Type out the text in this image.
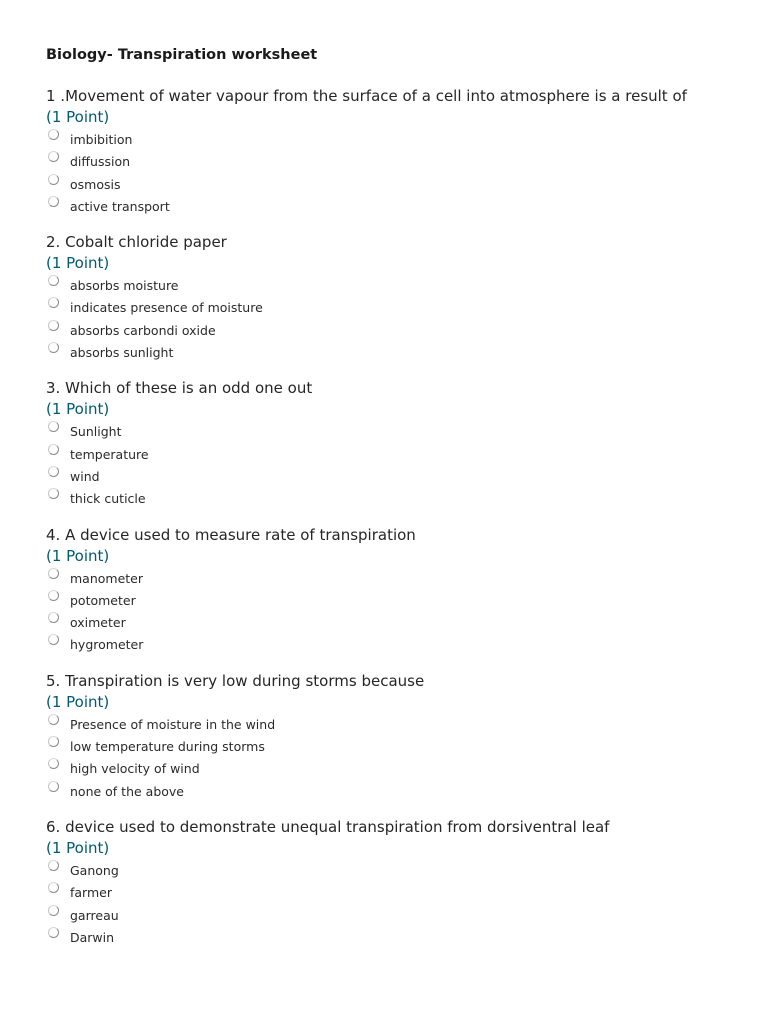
Biology- Transpiration worksheet
1 .Movement of water vapour from the surface of a cell into atmosphere is a result of
(1 Point)
imbibition
diffussion
osmosis
active transport
2. Cobalt chloride paper
(1 Point)
absorbs moisture
indicates presence of moisture
absorbs carbondi oxide
absorbs sunlight
3. Which of these is an odd one out
(1 Point)
Sunlight
temperature
wind
thick cuticle
4. A device used to measure rate of transpiration
(1 Point)
manometer
potometer
oximeter
hygrometer
5. Transpiration is very low during storms because
(1 Point)
Presence of moisture in the wind
low temperature during storms
high velocity of wind
none of the above
6. device used to demonstrate unequal transpiration from dorsiventral leaf
(1 Point)
Ganong
farmer
garreau
Darwin
